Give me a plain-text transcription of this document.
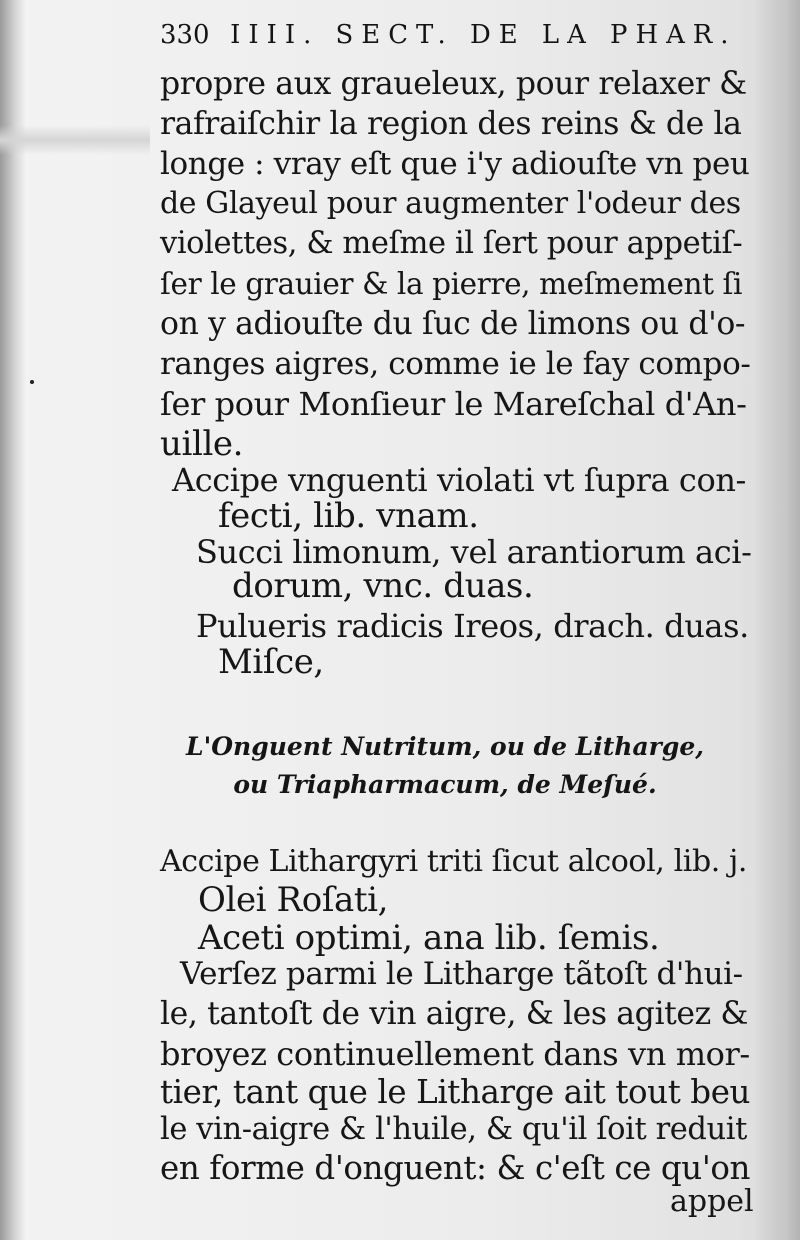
330 IIII. SECT. DE LA PHAR.
propre aux graueleux, pour relaxer &
rafraiſchir la region des reins & de la
longe : vray eſt que i'y adiouſte vn peu
de Glayeul pour augmenter l'odeur des
violettes, & meſme il ſert pour appetiſ-
ſer le grauier & la pierre, meſmement ſi
on y adiouſte du ſuc de limons ou d'o-
ranges aigres, comme ie le fay compo-
ſer pour Monſieur le Mareſchal d'An-
uille.
Accipe vnguenti violati vt ſupra con-
fecti, lib. vnam.
Succi limonum, vel arantiorum aci-
dorum, vnc. duas.
Pulueris radicis Ireos, drach. duas.
Miſce,
L'Onguent Nutritum, ou de Litharge,
ou Triapharmacum, de Meſué.
Accipe Lithargyri triti ſicut alcool, lib. j.
Olei Roſati,
Aceti optimi, ana lib. ſemis.
Verſez parmi le Litharge tãtoſt d'hui-
le, tantoſt de vin aigre, & les agitez &
broyez continuellement dans vn mor-
tier, tant que le Litharge ait tout beu
le vin-aigre & l'huile, & qu'il ſoit reduit
en forme d'onguent: & c'eſt ce qu'on
appel
